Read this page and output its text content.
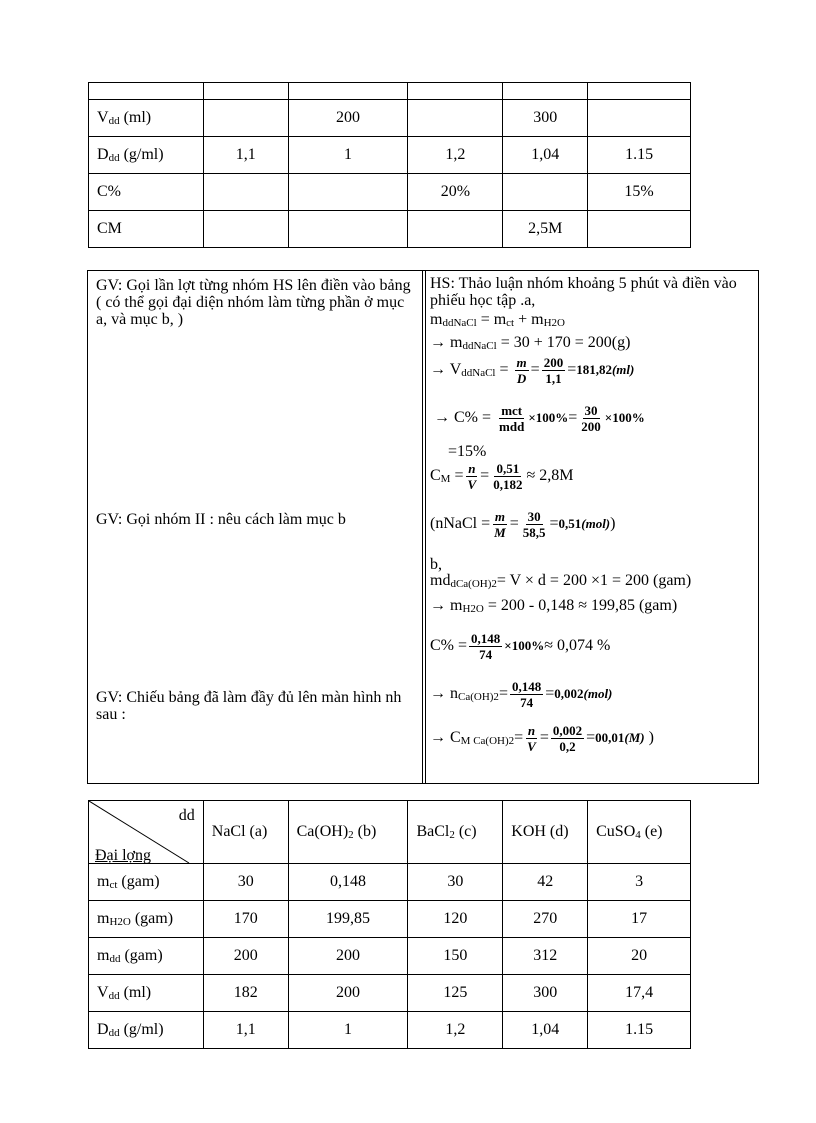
$V_{dd}$ (ml)		200		300	
$D_{dd}$ (g/ml)	1,1	1	1,2	1,04	1.15
C%			20%		15%
CM				2,5M	
GV: Gọi lần lợt từng nhóm HS lên điền vào bảng ( có thể gọi đại diện nhóm làm từng phần ở mục a, và mục b, )
GV: Gọi nhóm II : nêu cách làm mục b
GV: Chiếu bảng đã làm đầy đủ lên màn hình nh sau :
HS: Thảo luận nhóm khoảng 5 phút và điền vào phiếu học tập .a,
$m_{ddNaCl} = m_{ct} + m_{H2O}$
→ $m_{ddNaCl} = 30 + 170 = 200(g)$
→ $V_{ddNaCl} = \frac{m}{D} = \frac{200}{1,1} =181,82(ml)$
→ $C\% = \frac{\text{mct}}{\text{mdd}} \times 100\%= \frac{30}{200} \times 100\%$
=15%
$C_M = \frac{n}{V} = \frac{0,51}{0,182} \approx 2,8M$
(nNaCl = $\frac{m}{M} = \frac{30}{58,5} =0,51(mol)$)
b,
$md_{dCa(OH)2}= V \times d = 200 \times 1 = 200$ (gam)
→ $m_{H2O} = 200 - 0,148 \approx 199,85$ (gam)
$C\% = \frac{0,148}{74} \times 100\%\approx 0,074$ %
→ $n_{Ca(OH)2}= \frac{0,148}{74} =0,002(mol)$
→ $C_{M Ca(OH)2}= \frac{n}{V} = \frac{0,002}{0,2} =00,01(M)$ )
dd
Đại lợng	NaCl (a)	$Ca(OH)_2$ (b)	BaCl$_2$ (c)	KOH (d)	CuSO$_4$ (e)
$m_{ct}$ (gam)	30	0,148	30	42	3
$m_{H2O}$ (gam)	170	199,85	120	270	17
$m_{dd}$ (gam)	200	200	150	312	20
$V_{dd}$ (ml)	182	200	125	300	17,4
$D_{dd}$ (g/ml)	1,1	1	1,2	1,04	1.15
